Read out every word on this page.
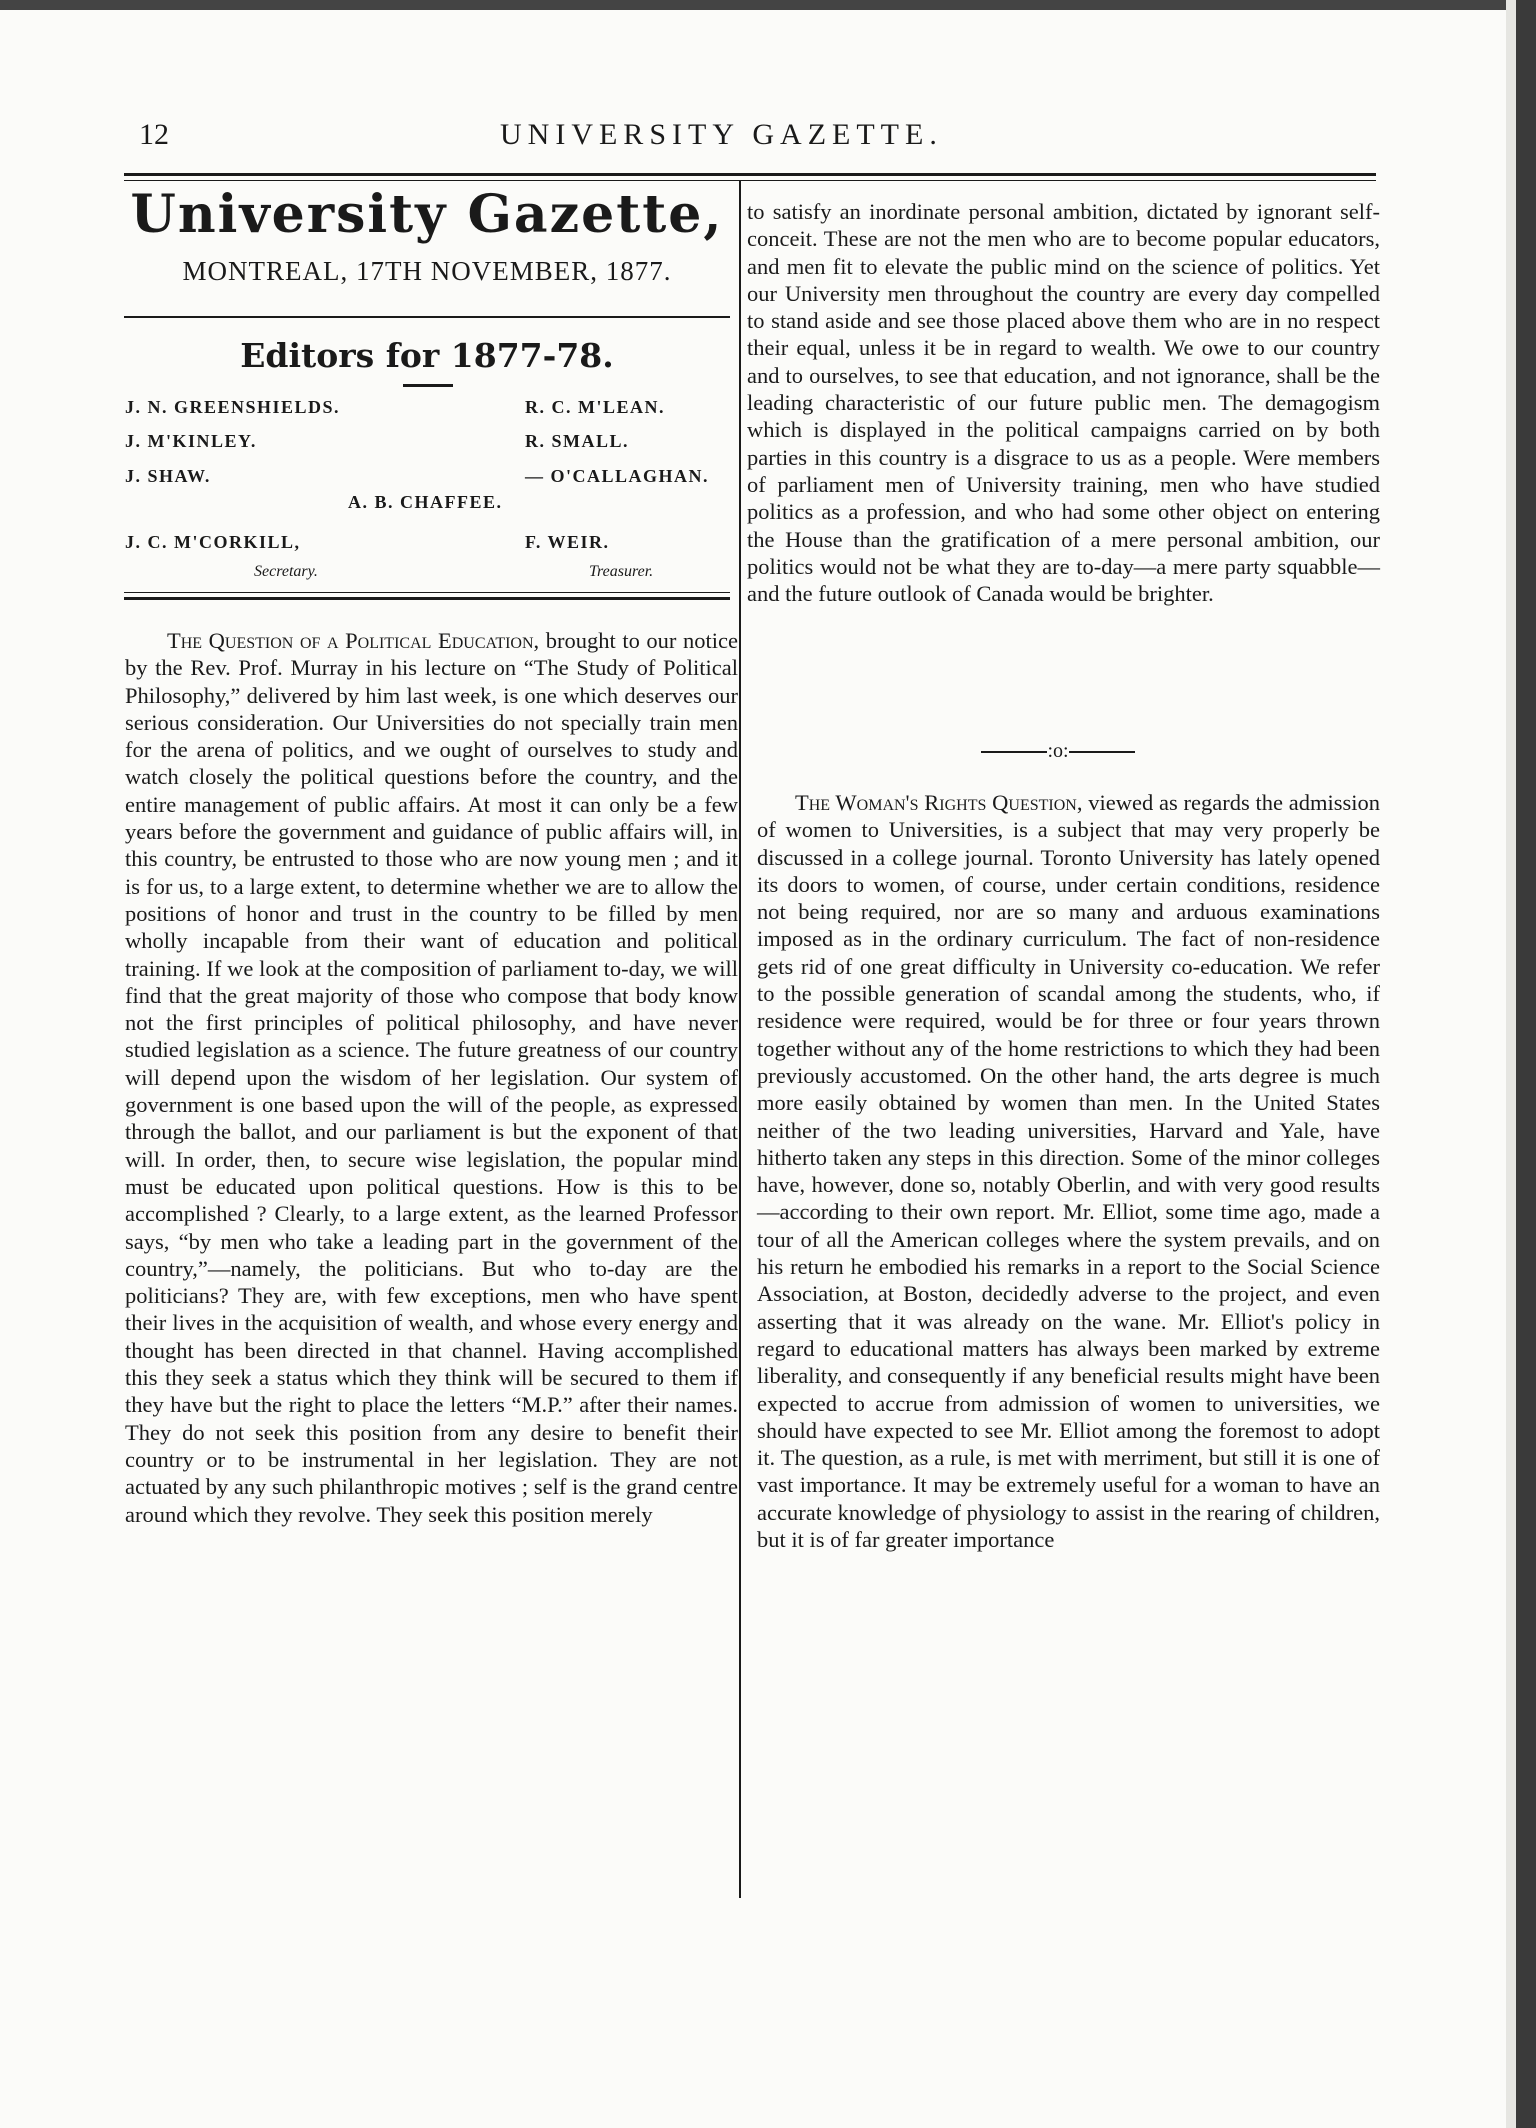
12	UNIVERSITY GAZETTE.
University Gazette,
MONTREAL, 17TH NOVEMBER, 1877.
Editors for 1877-78.
J. N. GREENSHIELDS.
J. M'KINLEY.
J. SHAW.
R. C. M'LEAN.
R. SMALL.
— O'CALLAGHAN.
A. B. CHAFFEE.
J. C. M'CORKILL,
Secretary.
F. WEIR.
Treasurer.

The Question of a Political Education, brought to our notice by the Rev. Prof. Murray in his lecture on “The Study of Political Philosophy,” delivered by him last week, is one which deserves our serious consideration. Our Universities do not specially train men for the arena of politics, and we ought of ourselves to study and watch closely the political questions before the country, and the entire management of public affairs. At most it can only be a few years before the government and guidance of public affairs will, in this country, be entrusted to those who are now young men ; and it is for us, to a large extent, to determine whether we are to allow the positions of honor and trust in the country to be filled by men wholly incapable from their want of education and political training. If we look at the composition of parliament to-day, we will find that the great majority of those who compose that body know not the first principles of political philosophy, and have never studied legislation as a science. The future greatness of our country will depend upon the wisdom of her legislation. Our system of government is one based upon the will of the people, as expressed through the ballot, and our parliament is but the exponent of that will. In order, then, to secure wise legislation, the popular mind must be educated upon political questions. How is this to be accomplished ? Clearly, to a large extent, as the learned Professor says, “by men who take a leading part in the government of the country,”—namely, the politicians. But who to-day are the politicians? They are, with few exceptions, men who have spent their lives in the acquisition of wealth, and whose every energy and thought has been directed in that channel. Having accomplished this they seek a status which they think will be secured to them if they have but the right to place the letters “M.P.” after their names. They do not seek this position from any desire to benefit their country or to be instrumental in her legislation. They are not actuated by any such philanthropic motives ; self is the grand centre around which they revolve. They seek this position merely

to satisfy an inordinate personal ambition, dictated by ignorant self-conceit. These are not the men who are to become popular educators, and men fit to elevate the public mind on the science of politics. Yet our University men throughout the country are every day compelled to stand aside and see those placed above them who are in no respect their equal, unless it be in regard to wealth. We owe to our country and to ourselves, to see that education, and not ignorance, shall be the leading characteristic of our future public men. The demagogism which is displayed in the political campaigns carried on by both parties in this country is a disgrace to us as a people. Were members of parliament men of University training, men who have studied politics as a profession, and who had some other object on entering the House than the gratification of a mere personal ambition, our politics would not be what they are to-day—a mere party squabble—and the future outlook of Canada would be brighter.

:o:

The Woman's Rights Question, viewed as regards the admission of women to Universities, is a subject that may very properly be discussed in a college journal. Toronto University has lately opened its doors to women, of course, under certain conditions, residence not being required, nor are so many and arduous examinations imposed as in the ordinary curriculum. The fact of non-residence gets rid of one great difficulty in University co-education. We refer to the possible generation of scandal among the students, who, if residence were required, would be for three or four years thrown together without any of the home restrictions to which they had been previously accustomed. On the other hand, the arts degree is much more easily obtained by women than men. In the United States neither of the two leading universities, Harvard and Yale, have hitherto taken any steps in this direction. Some of the minor colleges have, however, done so, notably Oberlin, and with very good results—according to their own report. Mr. Elliot, some time ago, made a tour of all the American colleges where the system prevails, and on his return he embodied his remarks in a report to the Social Science Association, at Boston, decidedly adverse to the project, and even asserting that it was already on the wane. Mr. Elliot's policy in regard to educational matters has always been marked by extreme liberality, and consequently if any beneficial results might have been expected to accrue from admission of women to universities, we should have expected to see Mr. Elliot among the foremost to adopt it. The question, as a rule, is met with merriment, but still it is one of vast importance. It may be extremely useful for a woman to have an accurate knowledge of physiology to assist in the rearing of children, but it is of far greater importance
